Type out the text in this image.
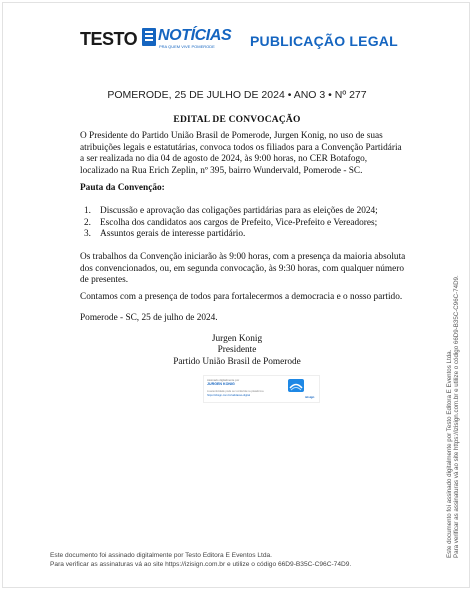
TESTO NOTÍCIAS
PRA QUEM VIVE POMERODE	PUBLICAÇÃO LEGAL
POMERODE, 25 DE JULHO DE 2024 • ANO 3 • Nº 277
EDITAL DE CONVOCAÇÃO
O Presidente do Partido União Brasil de Pomerode, Jurgen Konig, no uso de suas atribuições legais e estatutárias, convoca todos os filiados para a Convenção Partidária a ser realizada no dia 04 de agosto de 2024, às 9:00 horas, no CER Botafogo, localizado na Rua Erich Zeplin, nº 395, bairro Wundervald, Pomerode - SC.
Pauta da Convenção:
1. Discussão e aprovação das coligações partidárias para as eleições de 2024;
2. Escolha dos candidatos aos cargos de Prefeito, Vice-Prefeito e Vereadores;
3. Assuntos gerais de interesse partidário.
Os trabalhos da Convenção iniciarão às 9:00 horas, com a presença da maioria absoluta dos convencionados, ou, em segunda convocação, às 9:30 horas, com qualquer número de presentes.
Contamos com a presença de todos para fortalecermos a democracia e o nosso partido.
Pomerode - SC, 25 de julho de 2024.
Jurgen Konig
Presidente
Partido União Brasil de Pomerode
Assinado digitalmente por
JURGEN KONIG
A autenticidade pode ser conferida na plataforma
https://izisign.com.br/validacao-digital	izisign	Este documento foi assinado digitalmente por Testo Editora E Eventos Ltda. Para verificar as assinaturas vá ao site https://izisign.com.br e utilize o código 66D9-B35C-C96C-74D9.
Este documento foi assinado digitalmente por Testo Editora E Eventos Ltda.
Para verificar as assinaturas vá ao site https://izisign.com.br e utilize o código 66D9-B35C-C96C-74D9.
